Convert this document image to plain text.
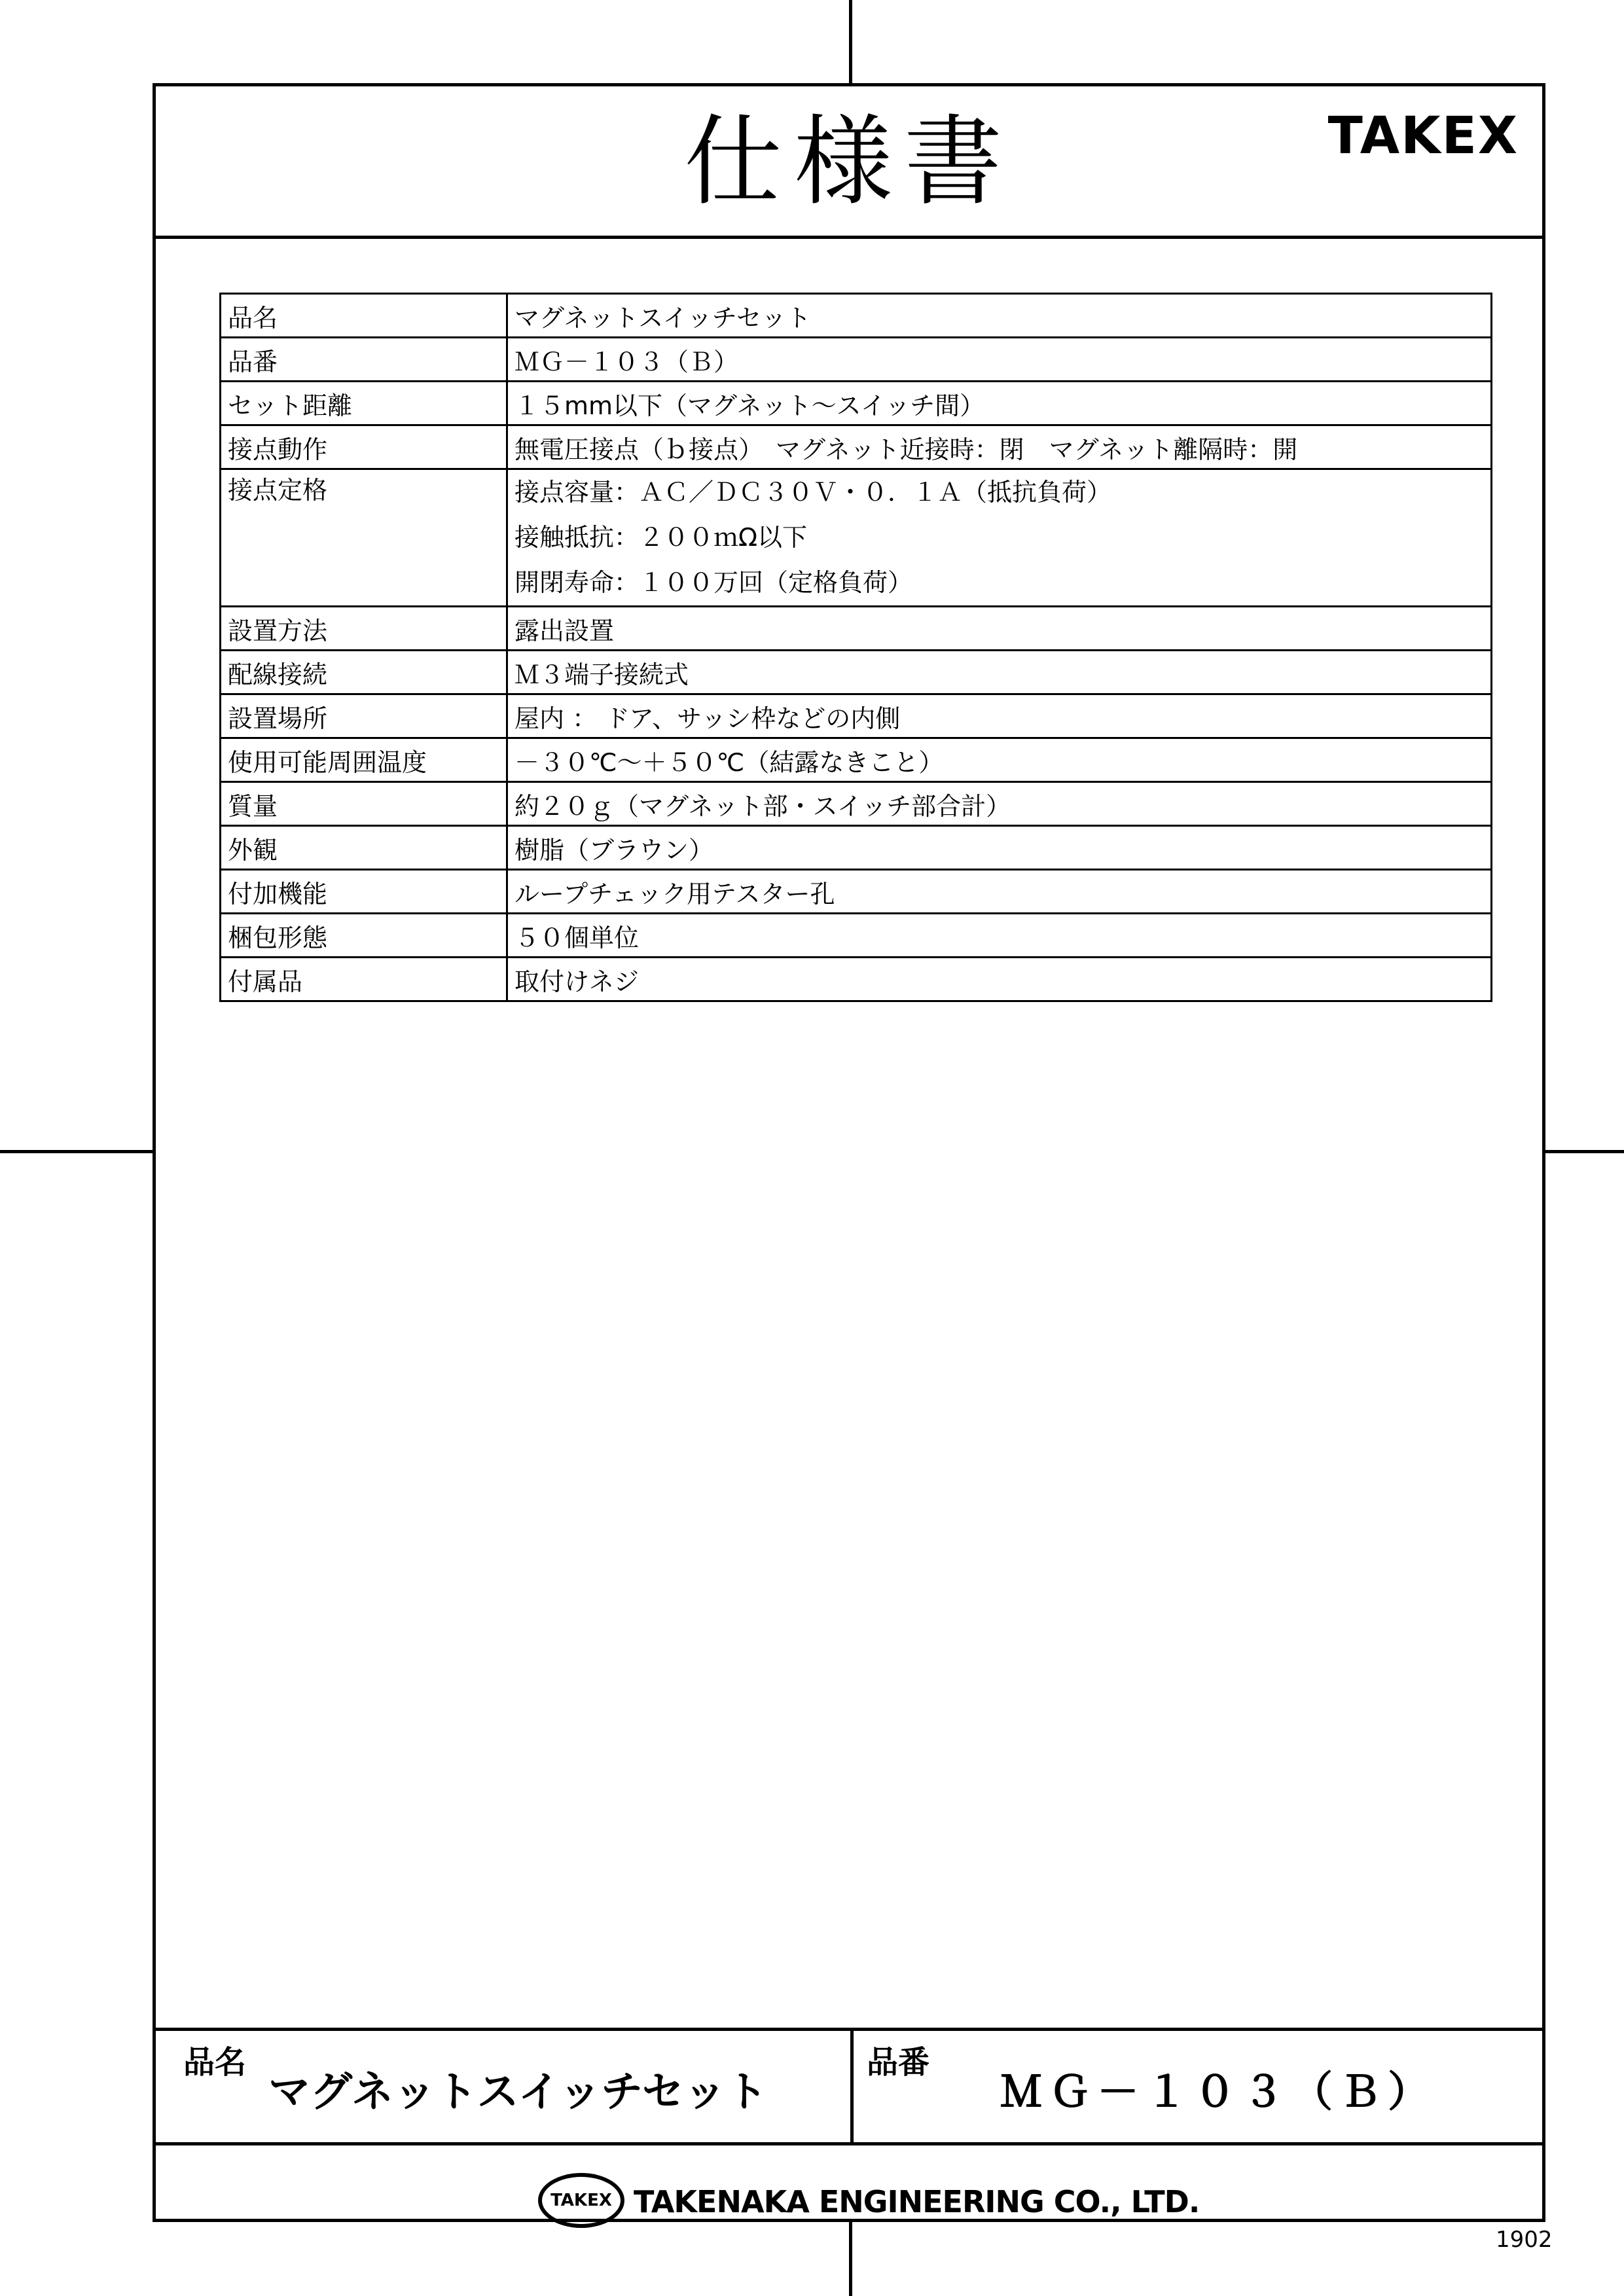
仕様書	TAKEX
品名	マグネットスイッチセット
品番	ＭＧ－１０３（Ｂ）
セット距離	１５mm以下（マグネット～スイッチ間）
接点動作	無電圧接点（ｂ接点）　マグネット近接時：閉　マグネット離隔時：開
接点定格	接点容量：ＡＣ／ＤＣ３０Ｖ・０．１Ａ（抵抗負荷）
接触抵抗：２００ｍΩ以下
開閉寿命：１００万回（定格負荷）

設置方法	露出設置
配線接続	Ｍ３端子接続式
設置場所	屋内 ： ドア、サッシ枠などの内側
使用可能周囲温度	－３０℃～＋５０℃（結露なきこと）
質量	約２０ｇ（マグネット部・スイッチ部合計）
外観	樹脂（ブラウン）
付加機能	ループチェック用テスター孔
梱包形態	５０個単位
付属品	取付けネジ
品名
マグネットスイッチセット
品番
ＭＧ－１０３（Ｂ）
TAKEX TAKENAKA ENGINEERING CO., LTD.
1902
